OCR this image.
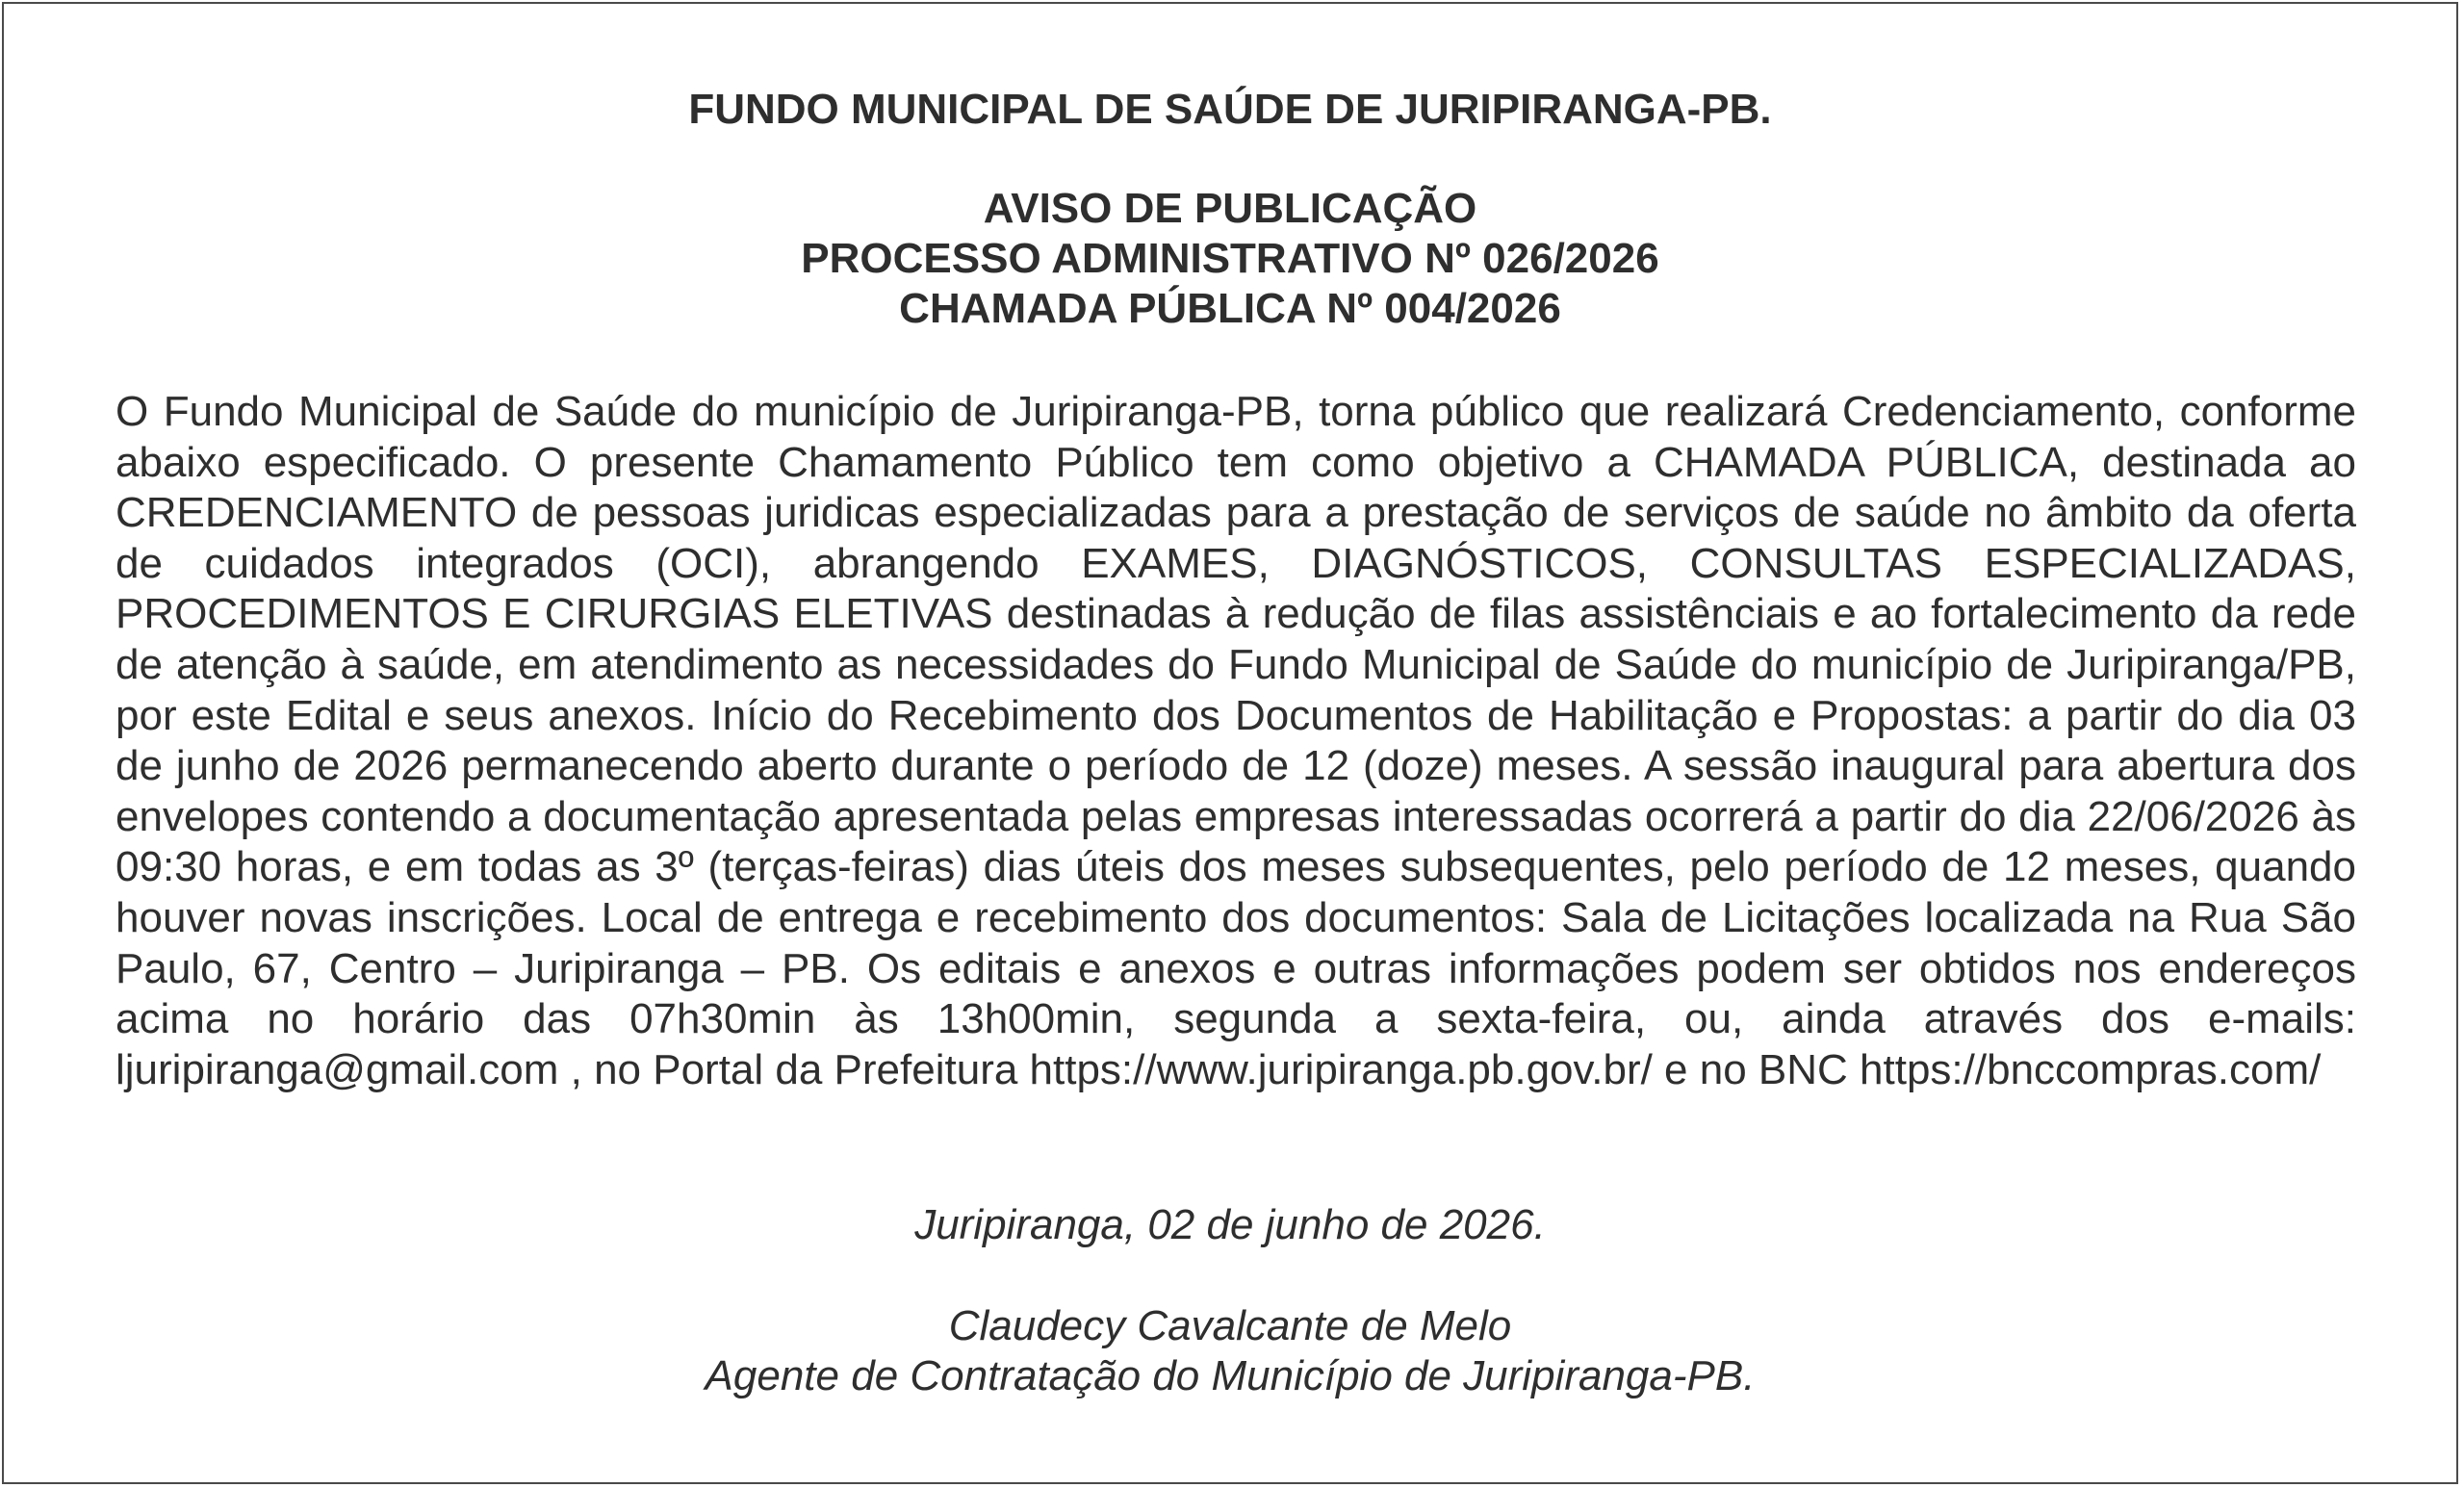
FUNDO MUNICIPAL DE SAÚDE DE JURIPIRANGA-PB.
AVISO DE PUBLICAÇÃO
PROCESSO ADMINISTRATIVO Nº 026/2026
CHAMADA PÚBLICA Nº 004/2026
O Fundo Municipal de Saúde do município de Juripiranga-PB, torna público que realizará Credenciamento, conforme abaixo especificado. O presente Chamamento Público tem como objetivo a CHAMADA PÚBLICA, destinada ao CREDENCIAMENTO de pessoas juridicas especializadas para a prestação de serviços de saúde no âmbito da oferta de cuidados integrados (OCI), abrangendo EXAMES, DIAGNÓSTICOS, CONSULTAS ESPECIALIZADAS, PROCEDIMENTOS E CIRURGIAS ELETIVAS destinadas à redução de filas assistênciais e ao fortalecimento da rede de atenção à saúde, em atendimento as necessidades do Fundo Municipal de Saúde do município de Juripiranga/PB, por este Edital e seus anexos. Início do Recebimento dos Documentos de Habilitação e Propostas: a partir do dia 03 de junho de 2026 permanecendo aberto durante o período de 12 (doze) meses. A sessão inaugural para abertura dos envelopes contendo a documentação apresentada pelas empresas interessadas ocorrerá a partir do dia 22/06/2026 às 09:30 horas, e em todas as 3º (terças-feiras) dias úteis dos meses subsequentes, pelo período de 12 meses, quando houver novas inscrições. Local de entrega e recebimento dos documentos: Sala de Licitações localizada na Rua São Paulo, 67, Centro – Juripiranga – PB. Os editais e anexos e outras informações podem ser obtidos nos endereços acima no horário das 07h30min às 13h00min, segunda a sexta-feira, ou, ainda através dos e-mails: ljuripiranga@gmail.com , no Portal da Prefeitura https://www.juripiranga.pb.gov.br/ e no BNC https://bnccompras.com/
Juripiranga, 02 de junho de 2026.
Claudecy Cavalcante de Melo
Agente de Contratação do Município de Juripiranga-PB.
